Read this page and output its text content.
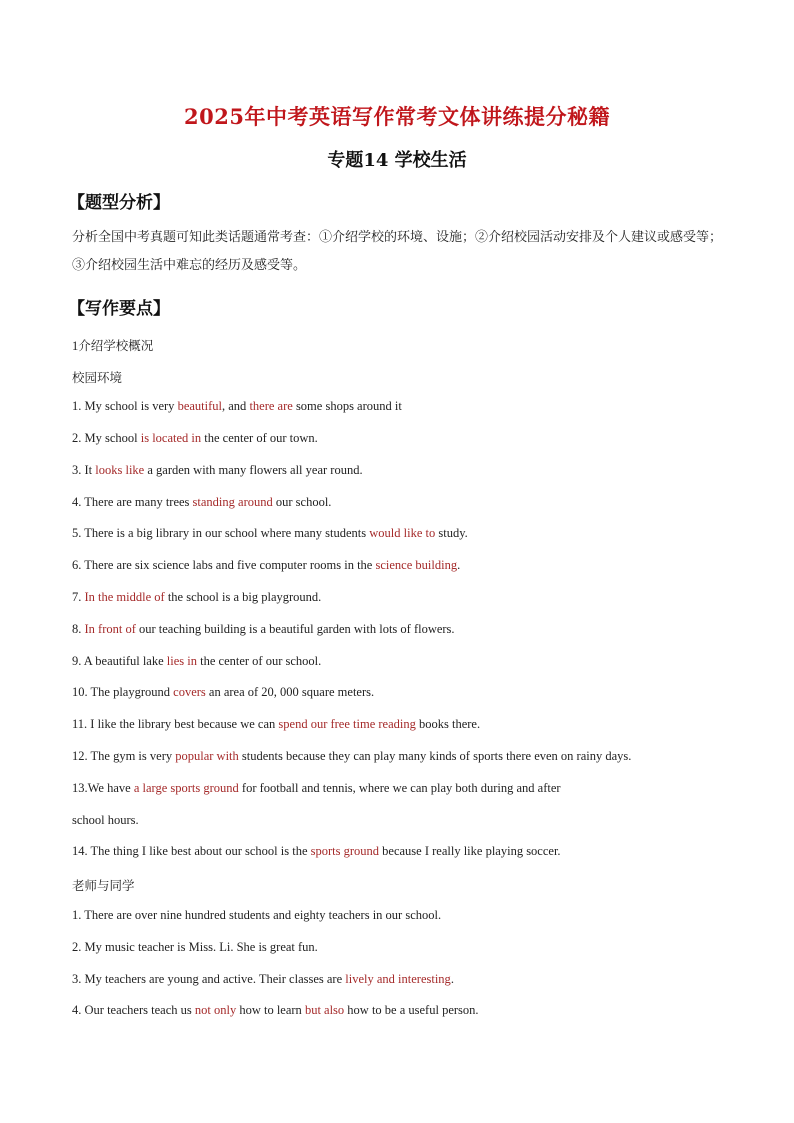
2025年中考英语写作常考文体讲练提分秘籍
专题14 学校生活
【题型分析】
分析全国中考真题可知此类话题通常考查：①介绍学校的环境、设施；②介绍校园活动安排及个人建议或感受等；③介绍校园生活中难忘的经历及感受等。
【写作要点】
1介绍学校概况
校园环境
1. My school is very beautiful, and there are some shops around it
2. My school is located in the center of our town.
3. It looks like a garden with many flowers all year round.
4. There are many trees standing around our school.
5. There is a big library in our school where many students would like to study.
6. There are six science labs and five computer rooms in the science building.
7. In the middle of the school is a big playground.
8. In front of our teaching building is a beautiful garden with lots of flowers.
9. A beautiful lake lies in the center of our school.
10. The playground covers an area of 20, 000 square meters.
11. I like the library best because we can spend our free time reading books there.
12. The gym is very popular with students because they can play many kinds of sports there even on rainy days.
13.We have a large sports ground for football and tennis, where we can play both during and after
school hours.
14. The thing I like best about our school is the sports ground because I really like playing soccer.
老师与同学
1. There are over nine hundred students and eighty teachers in our school.
2. My music teacher is Miss. Li. She is great fun.
3. My teachers are young and active. Their classes are lively and interesting.
4. Our teachers teach us not only how to learn but also how to be a useful person.
